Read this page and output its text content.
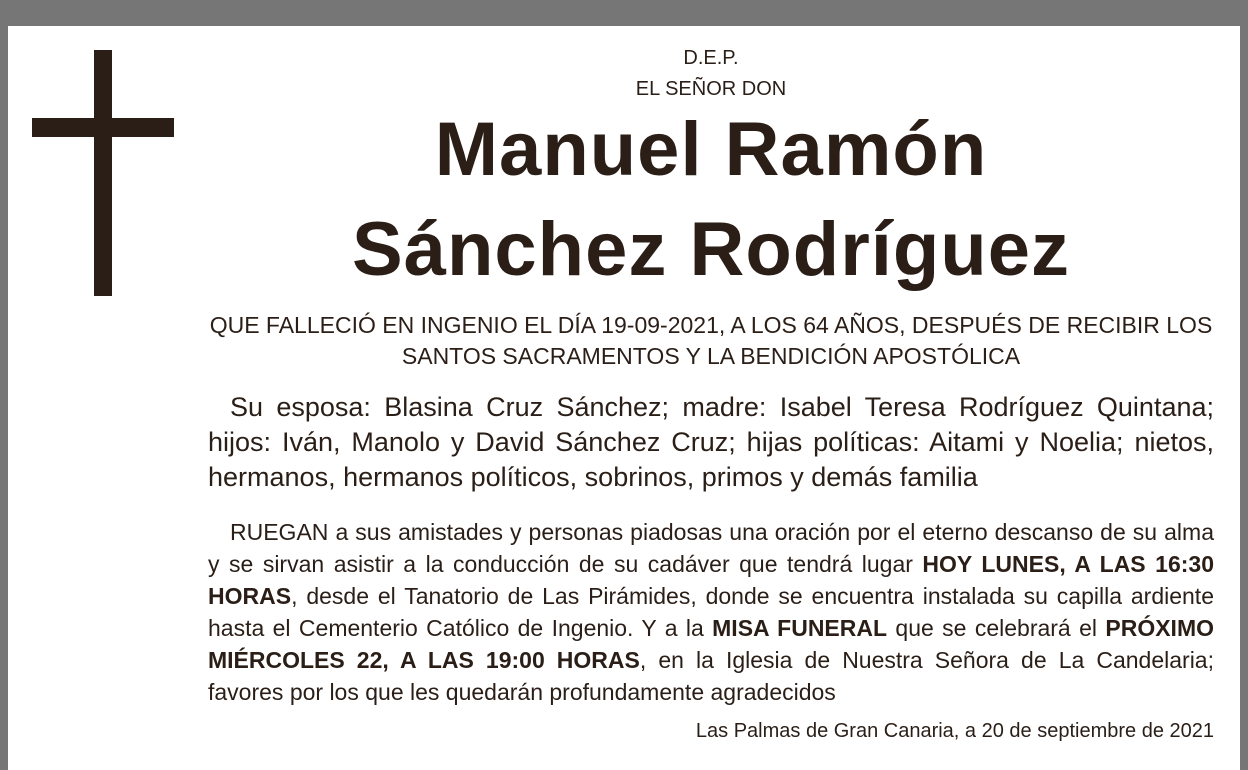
D.E.P.
EL SEÑOR DON
Manuel Ramón
Sánchez Rodríguez
QUE FALLECIÓ EN INGENIO EL DÍA 19-09-2021, A LOS 64 AÑOS, DESPUÉS DE RECIBIR LOS SANTOS SACRAMENTOS Y LA BENDICIÓN APOSTÓLICA
Su esposa: Blasina Cruz Sánchez; madre: Isabel Teresa Rodríguez Quintana; hijos: Iván, Manolo y David Sánchez Cruz; hijas políticas: Aitami y Noelia; nietos, hermanos, hermanos políticos, sobrinos, primos y demás familia
RUEGAN a sus amistades y personas piadosas una oración por el eterno descanso de su alma y se sirvan asistir a la conducción de su cadáver que tendrá lugar HOY LUNES, A LAS 16:30 HORAS, desde el Tanatorio de Las Pirámides, donde se encuentra instalada su capilla ardiente hasta el Cementerio Católico de Ingenio. Y a la MISA FUNERAL que se celebrará el PRÓXIMO MIÉRCOLES 22, A LAS 19:00 HORAS, en la Iglesia de Nuestra Señora de La Candelaria; favores por los que les quedarán profundamente agradecidos
Las Palmas de Gran Canaria, a 20 de septiembre de 2021
